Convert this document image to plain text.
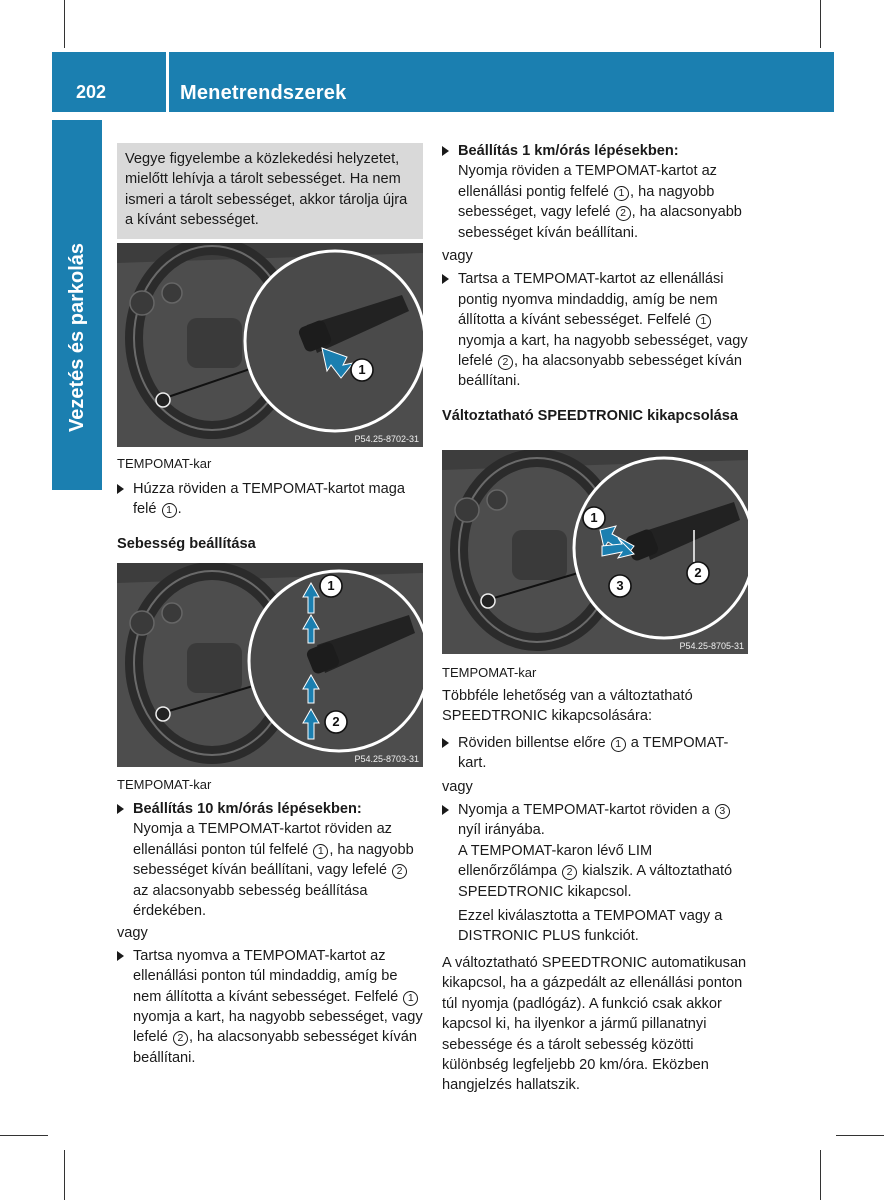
202	Menetrendszerek
Vezetés és parkolás
Vegye figyelembe a közlekedési helyzetet, mielőtt lehívja a tárolt sebességet. Ha nem ismeri a tárolt sebességet, akkor tárolja újra a kívánt sebességet.
1
P54.25-8702-31
TEMPOMAT-kar
Húzza röviden a TEMPOMAT-kartot maga felé 1 .
Sebesség beállítása
1
2
P54.25-8703-31
TEMPOMAT-kar
Beállítás 10 km/órás lépésekben:
Nyomja a TEMPOMAT-kartot röviden az ellenállási ponton túl felfelé 1 , ha nagyobb sebességet kíván beállítani, vagy lefelé 2 az alacsonyabb sebesség beállítása érdekében.
vagy
Tartsa nyomva a TEMPOMAT-kartot az ellenállási ponton túl mindaddig, amíg be nem állította a kívánt sebességet. Felfelé 1 nyomja a kart, ha nagyobb sebességet, vagy lefelé 2 , ha alacsonyabb sebességet kíván beállítani.
Beállítás 1 km/órás lépésekben:
Nyomja röviden a TEMPOMAT-kartot az ellenállási pontig felfelé 1 , ha nagyobb sebességet, vagy lefelé 2 , ha alacsonyabb sebességet kíván beállítani.
vagy
Tartsa a TEMPOMAT-kartot az ellenállási pontig nyomva mindaddig, amíg be nem állította a kívánt sebességet. Felfelé 1 nyomja a kart, ha nagyobb sebességet, vagy lefelé 2 , ha alacsonyabb sebességet kíván beállítani.
Változtatható SPEEDTRONIC kikapcsolása
1
2
3
P54.25-8705-31
TEMPOMAT-kar
Többféle lehetőség van a változtatható SPEEDTRONIC kikapcsolására:
Röviden billentse előre 1 a TEMPOMAT-kart.
vagy
Nyomja a TEMPOMAT-kartot röviden a 3 nyíl irányába.
A TEMPOMAT-karon lévő LIM ellenőrzőlámpa 2 kialszik. A változtatható SPEEDTRONIC kikapcsol.
Ezzel kiválasztotta a TEMPOMAT vagy a DISTRONIC PLUS funkciót.
A változtatható SPEEDTRONIC automatikusan kikapcsol, ha a gázpedált az ellenállási ponton túl nyomja (padlógáz). A funkció csak akkor kapcsol ki, ha ilyenkor a jármű pillanatnyi sebessége és a tárolt sebesség közötti különbség legfeljebb 20 km/óra. Eközben hangjelzés hallatszik.
